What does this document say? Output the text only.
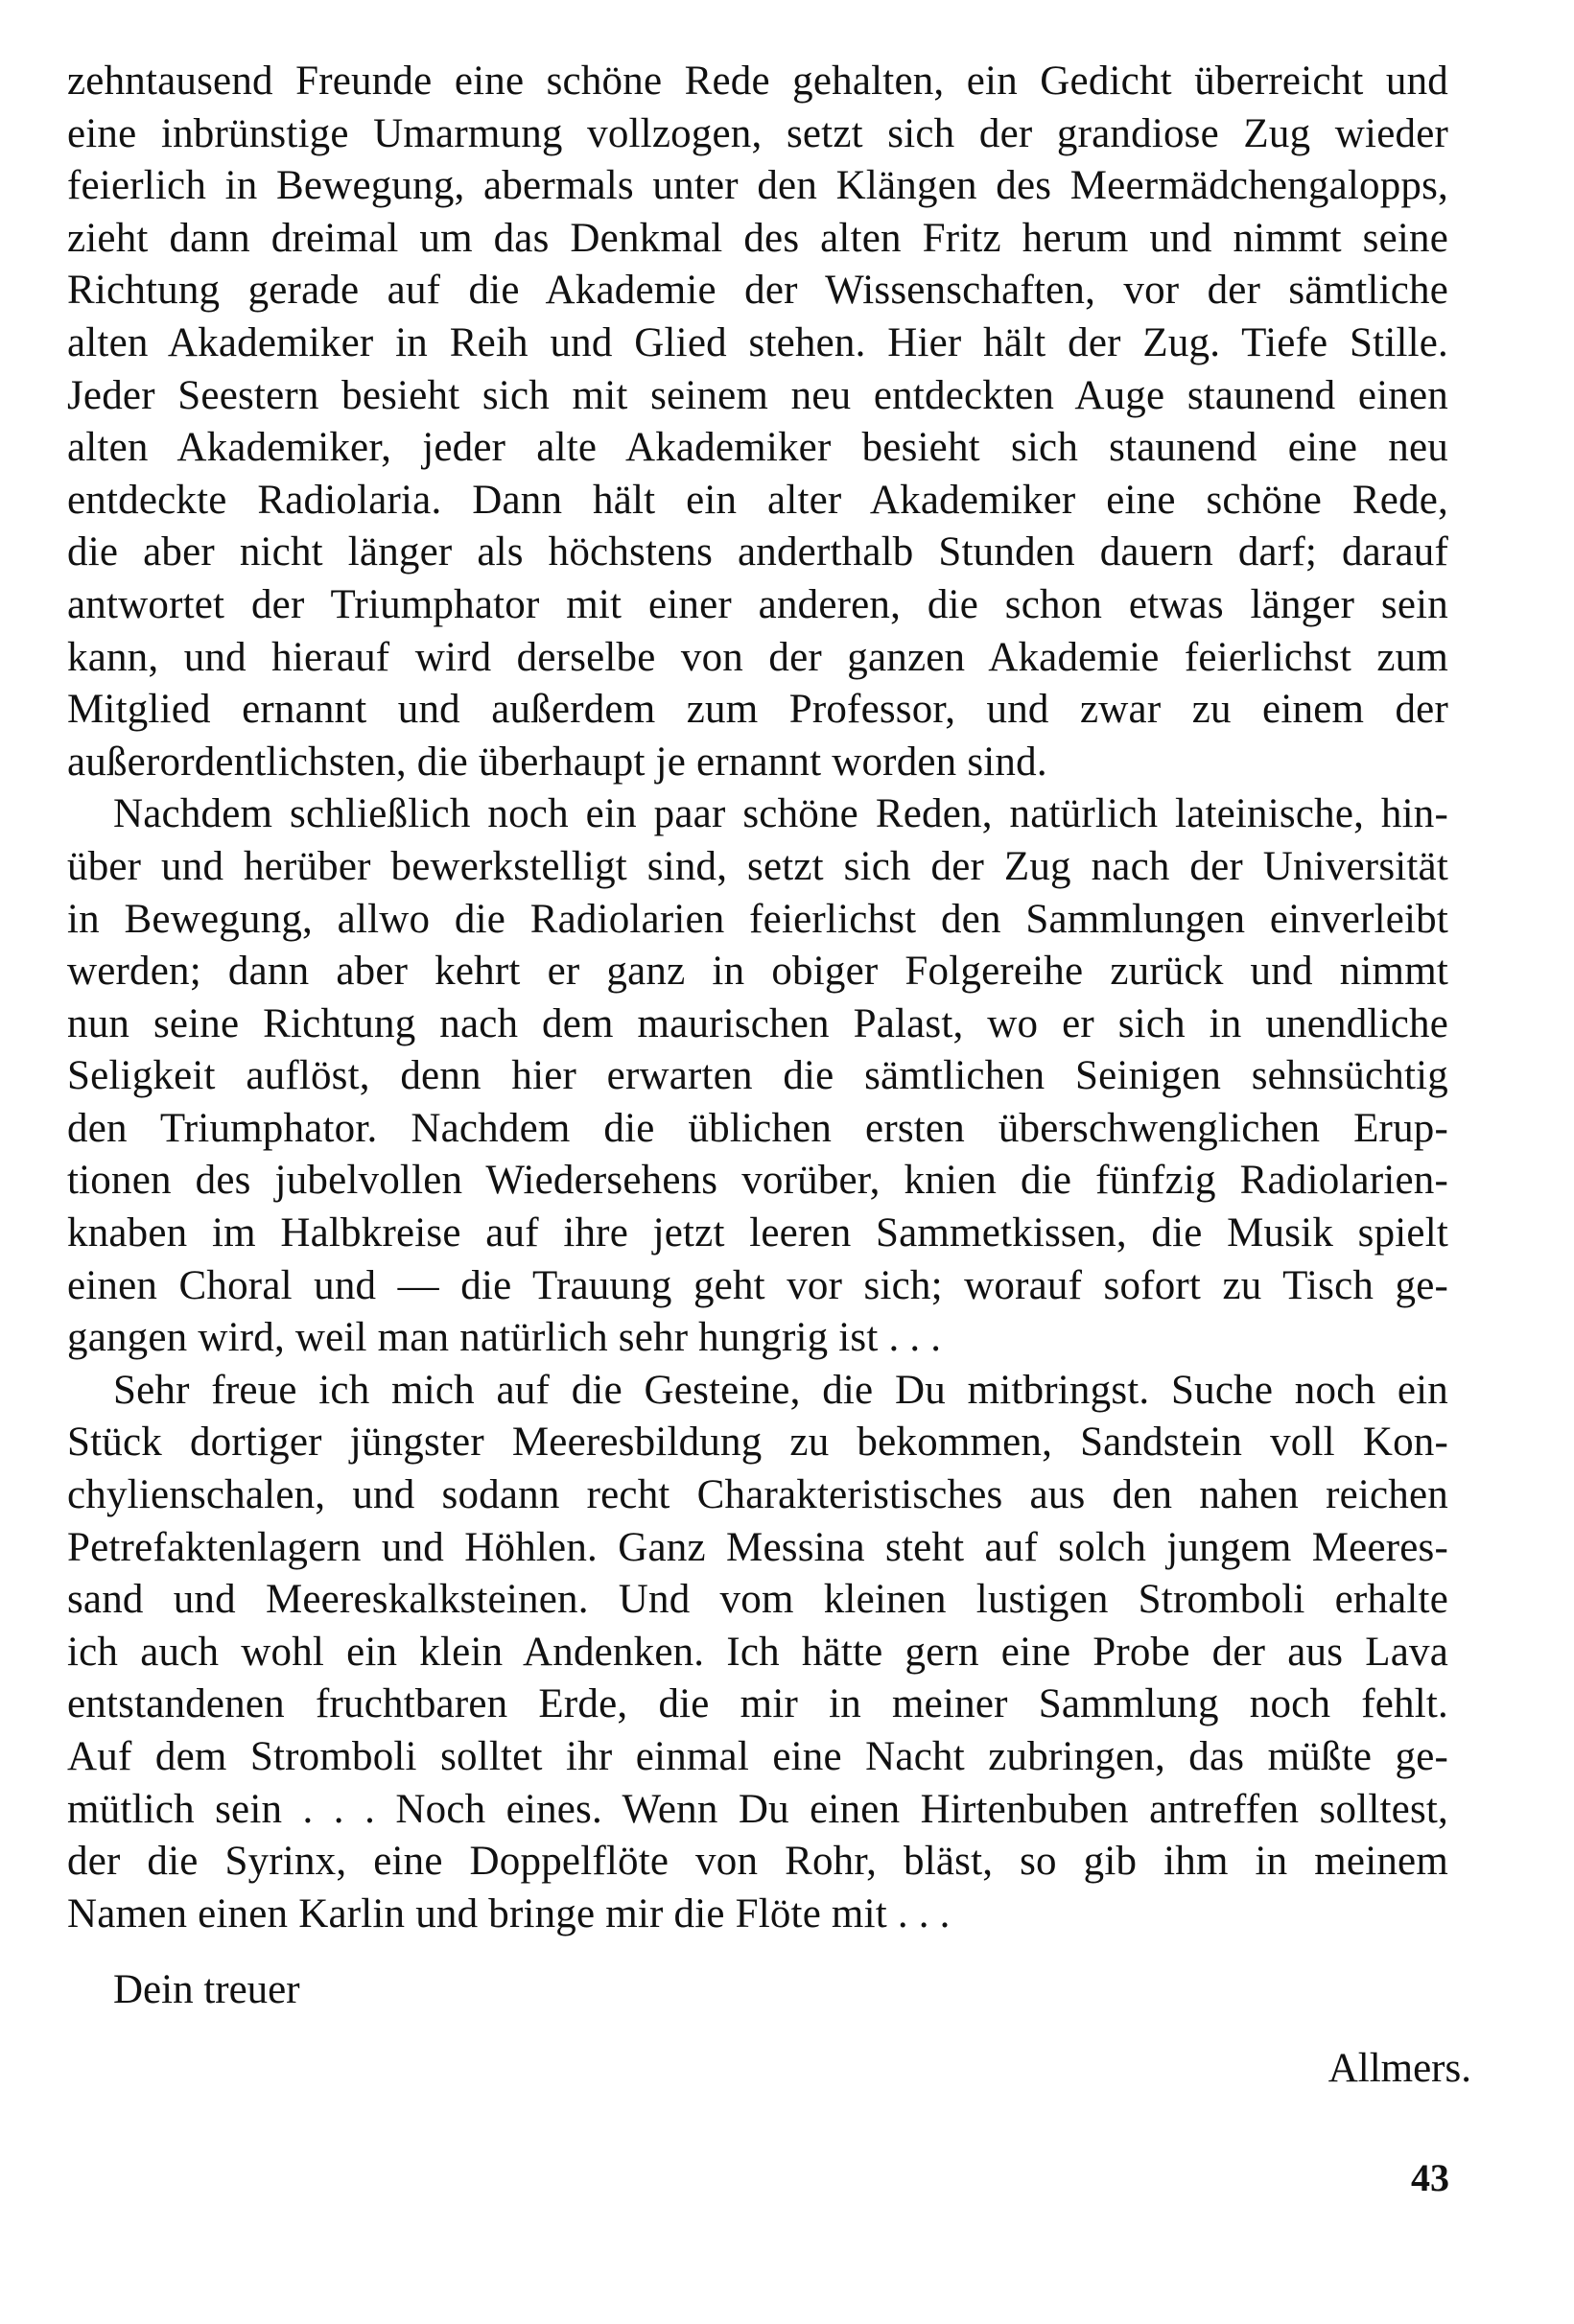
zehntausend Freunde eine schöne Rede gehalten, ein Gedicht überreicht und
eine inbrünstige Umarmung vollzogen, setzt sich der grandiose Zug wieder
feierlich in Bewegung, abermals unter den Klängen des Meermädchengalopps,
zieht dann dreimal um das Denkmal des alten Fritz herum und nimmt seine
Richtung gerade auf die Akademie der Wissenschaften, vor der sämtliche
alten Akademiker in Reih und Glied stehen. Hier hält der Zug. Tiefe Stille.
Jeder Seestern besieht sich mit seinem neu entdeckten Auge staunend einen
alten Akademiker, jeder alte Akademiker besieht sich staunend eine neu
entdeckte Radiolaria. Dann hält ein alter Akademiker eine schöne Rede,
die aber nicht länger als höchstens anderthalb Stunden dauern darf; darauf
antwortet der Triumphator mit einer anderen, die schon etwas länger sein
kann, und hierauf wird derselbe von der ganzen Akademie feierlichst zum
Mitglied ernannt und außerdem zum Professor, und zwar zu einem der
außerordentlichsten, die überhaupt je ernannt worden sind.
Nachdem schließlich noch ein paar schöne Reden, natürlich lateinische, hin-
über und herüber bewerkstelligt sind, setzt sich der Zug nach der Universität
in Bewegung, allwo die Radiolarien feierlichst den Sammlungen einverleibt
werden; dann aber kehrt er ganz in obiger Folgereihe zurück und nimmt
nun seine Richtung nach dem maurischen Palast, wo er sich in unendliche
Seligkeit auflöst, denn hier erwarten die sämtlichen Seinigen sehnsüchtig
den Triumphator. Nachdem die üblichen ersten überschwenglichen Erup-
tionen des jubelvollen Wiedersehens vorüber, knien die fünfzig Radiolarien-
knaben im Halbkreise auf ihre jetzt leeren Sammetkissen, die Musik spielt
einen Choral und — die Trauung geht vor sich; worauf sofort zu Tisch ge-
gangen wird, weil man natürlich sehr hungrig ist . . .
Sehr freue ich mich auf die Gesteine, die Du mitbringst. Suche noch ein
Stück dortiger jüngster Meeresbildung zu bekommen, Sandstein voll Kon-
chylienschalen, und sodann recht Charakteristisches aus den nahen reichen
Petrefaktenlagern und Höhlen. Ganz Messina steht auf solch jungem Meeres-
sand und Meereskalksteinen. Und vom kleinen lustigen Stromboli erhalte
ich auch wohl ein klein Andenken. Ich hätte gern eine Probe der aus Lava
entstandenen fruchtbaren Erde, die mir in meiner Sammlung noch fehlt.
Auf dem Stromboli solltet ihr einmal eine Nacht zubringen, das müßte ge-
mütlich sein . . . Noch eines. Wenn Du einen Hirtenbuben antreffen solltest,
der die Syrinx, eine Doppelflöte von Rohr, bläst, so gib ihm in meinem
Namen einen Karlin und bringe mir die Flöte mit . . .
Dein treuer
Allmers.
43
